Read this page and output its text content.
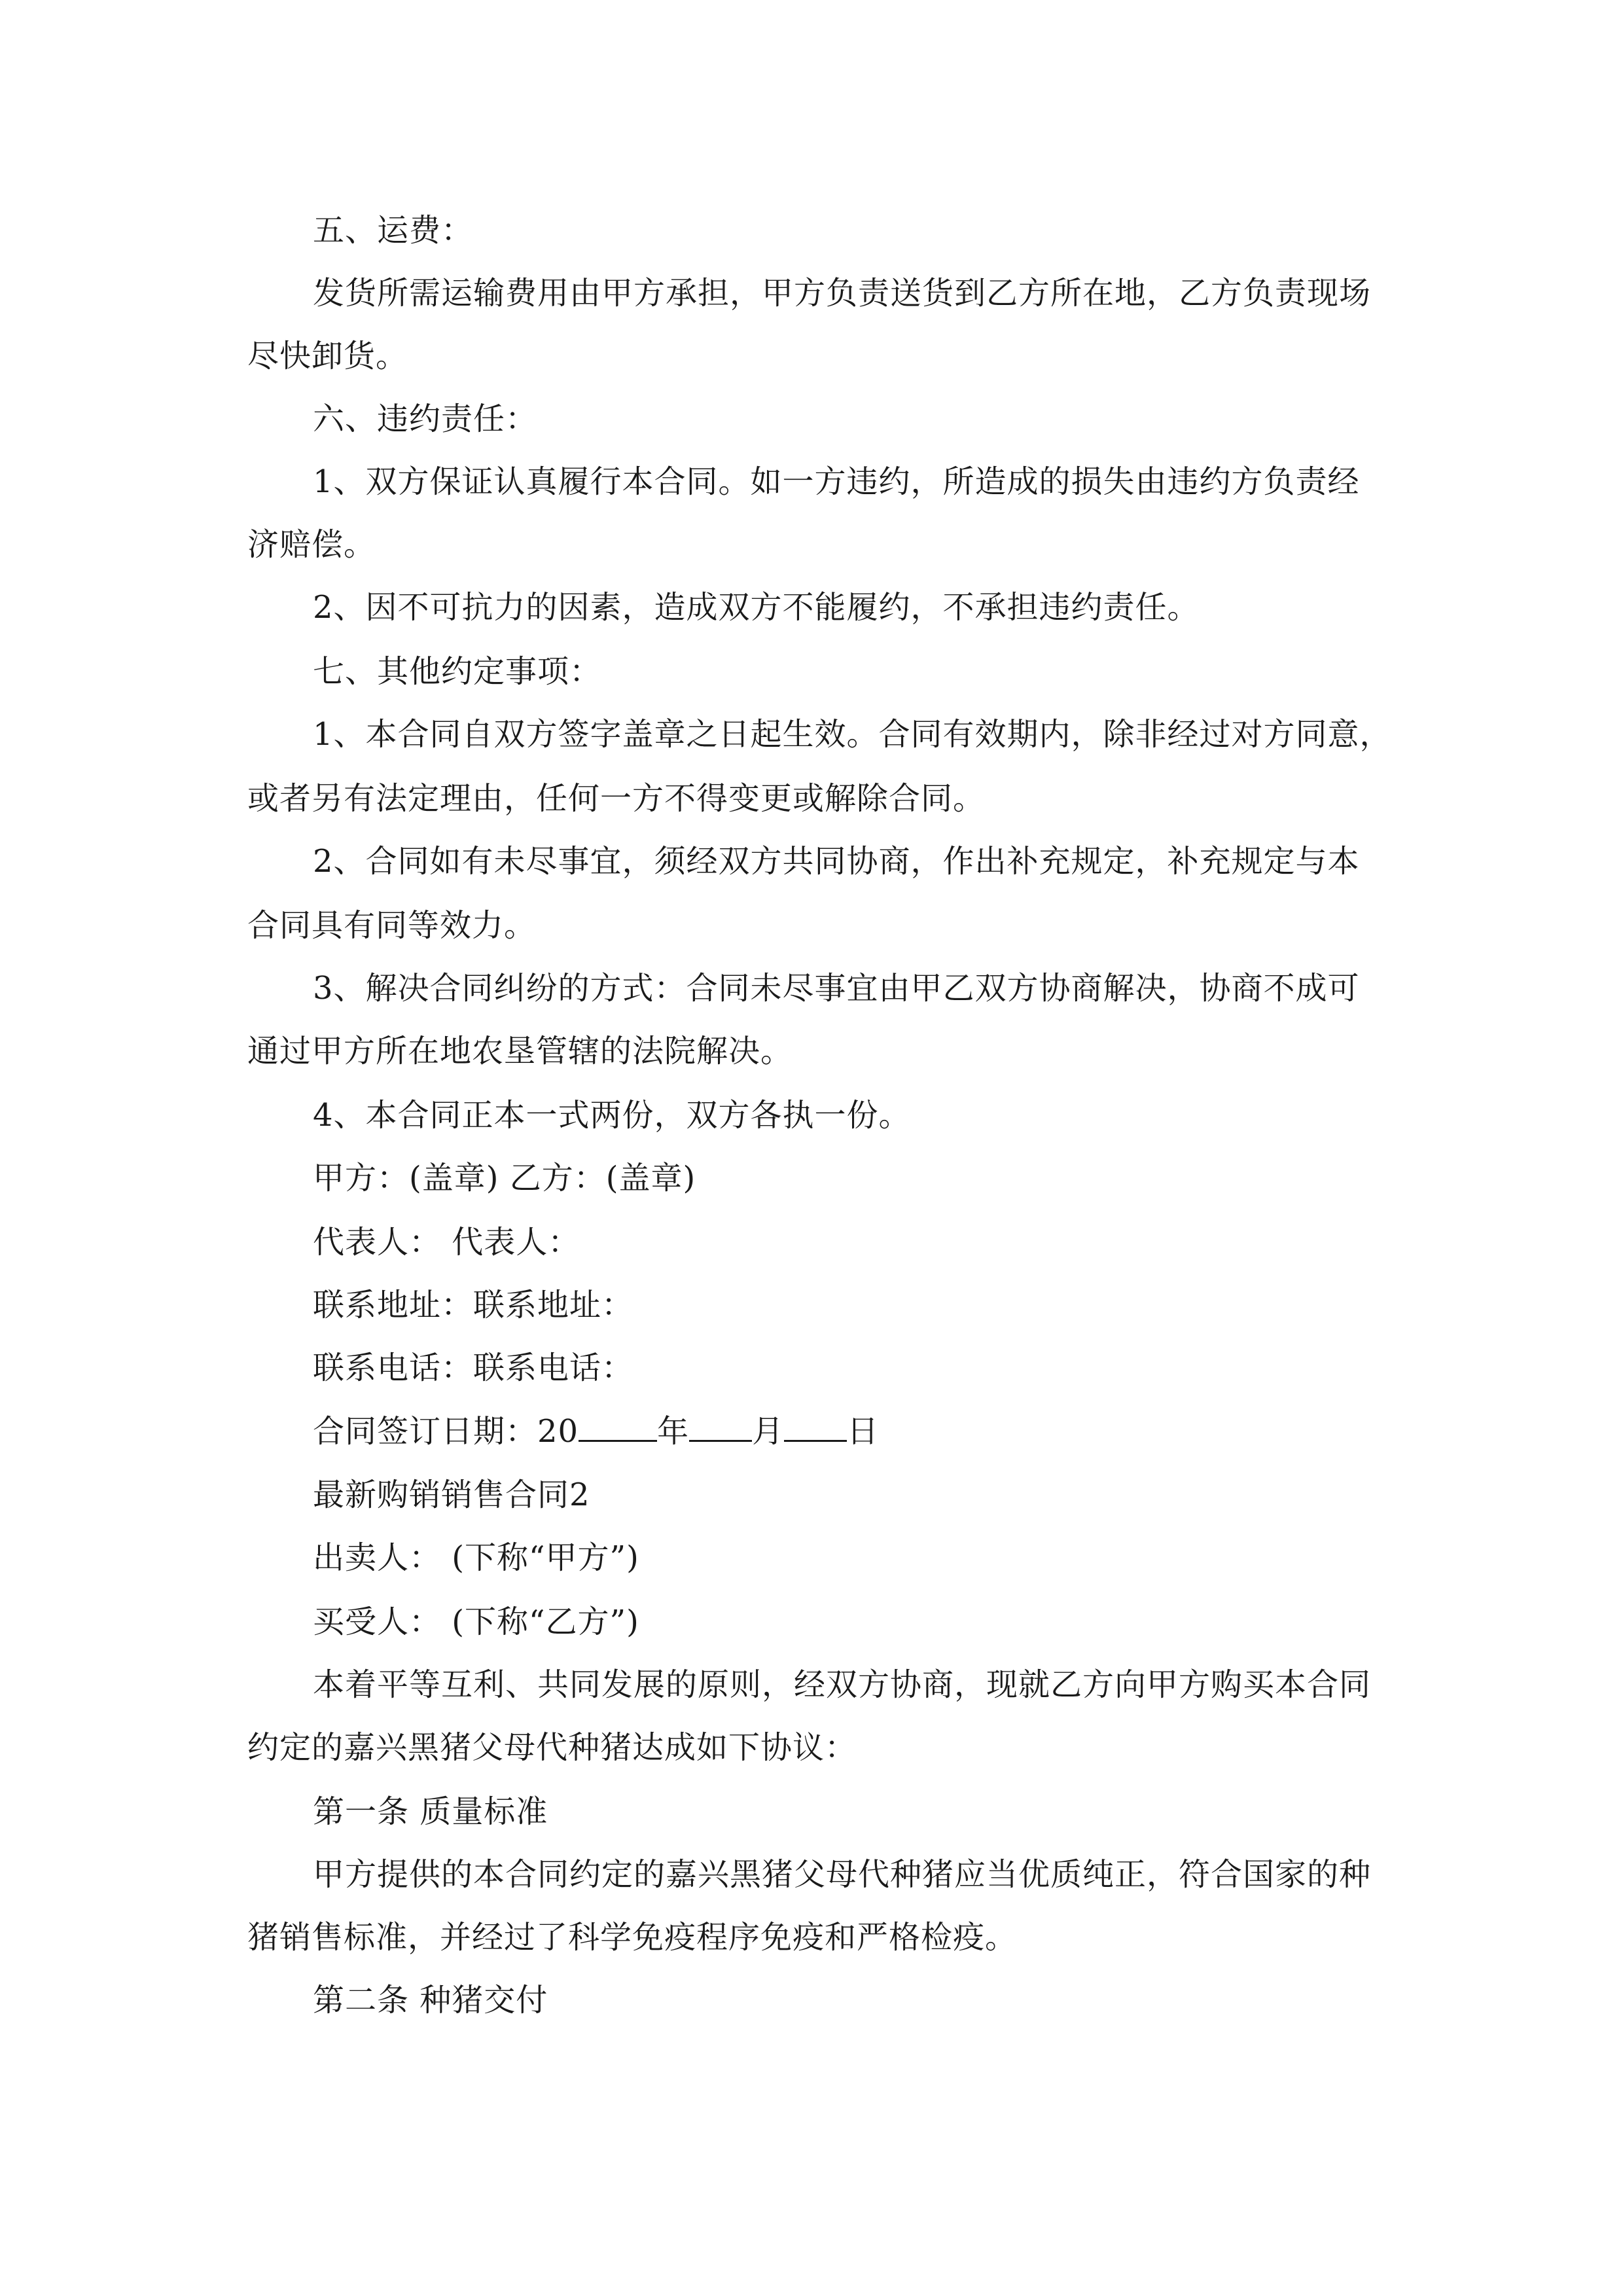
五、运费：
发货所需运输费用由甲方承担，甲方负责送货到乙方所在地，乙方负责现场
尽快卸货。
六、违约责任：
1、双方保证认真履行本合同。如一方违约，所造成的损失由违约方负责经
济赔偿。
2、因不可抗力的因素，造成双方不能履约，不承担违约责任。
七、其他约定事项：
1、本合同自双方签字盖章之日起生效。合同有效期内，除非经过对方同意，
或者另有法定理由，任何一方不得变更或解除合同。
2、合同如有未尽事宜，须经双方共同协商，作出补充规定，补充规定与本
合同具有同等效力。
3、解决合同纠纷的方式：合同未尽事宜由甲乙双方协商解决，协商不成可
通过甲方所在地农垦管辖的法院解决。
4、本合同正本一式两份，双方各执一份。
甲方：(盖章) 乙方：(盖章)
代表人： 代表人：
联系地址：联系地址：
联系电话：联系电话：
合同签订日期：20	年 月 日
最新购销销售合同2
出卖人： (下称“甲方”)
买受人： (下称“乙方”)
本着平等互利、共同发展的原则，经双方协商，现就乙方向甲方购买本合同
约定的嘉兴黑猪父母代种猪达成如下协议：
第一条 质量标准
甲方提供的本合同约定的嘉兴黑猪父母代种猪应当优质纯正，符合国家的种
猪销售标准，并经过了科学免疫程序免疫和严格检疫。
第二条 种猪交付
